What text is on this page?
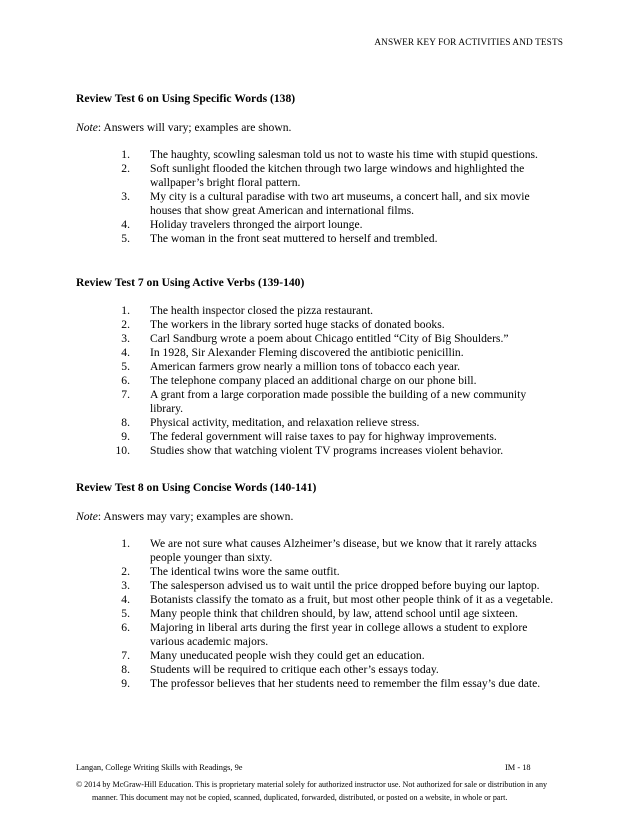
ANSWER KEY FOR ACTIVITIES AND TESTS
Review Test 6 on Using Specific Words (138)
Note: Answers will vary; examples are shown.
1. The haughty, scowling salesman told us not to waste his time with stupid questions.
2. Soft sunlight flooded the kitchen through two large windows and highlighted the wallpaper’s bright floral pattern.
3. My city is a cultural paradise with two art museums, a concert hall, and six movie houses that show great American and international films.
4. Holiday travelers thronged the airport lounge.
5. The woman in the front seat muttered to herself and trembled.
Review Test 7 on Using Active Verbs (139-140)
1. The health inspector closed the pizza restaurant.
2. The workers in the library sorted huge stacks of donated books.
3. Carl Sandburg wrote a poem about Chicago entitled “City of Big Shoulders.”
4. In 1928, Sir Alexander Fleming discovered the antibiotic penicillin.
5. American farmers grow nearly a million tons of tobacco each year.
6. The telephone company placed an additional charge on our phone bill.
7. A grant from a large corporation made possible the building of a new community library.
8. Physical activity, meditation, and relaxation relieve stress.
9. The federal government will raise taxes to pay for highway improvements.
10. Studies show that watching violent TV programs increases violent behavior.
Review Test 8 on Using Concise Words (140-141)
Note: Answers may vary; examples are shown.
1. We are not sure what causes Alzheimer’s disease, but we know that it rarely attacks people younger than sixty.
2. The identical twins wore the same outfit.
3. The salesperson advised us to wait until the price dropped before buying our laptop.
4. Botanists classify the tomato as a fruit, but most other people think of it as a vegetable.
5. Many people think that children should, by law, attend school until age sixteen.
6. Majoring in liberal arts during the first year in college allows a student to explore various academic majors.
7. Many uneducated people wish they could get an education.
8. Students will be required to critique each other’s essays today.
9. The professor believes that her students need to remember the film essay’s due date.
Langan, College Writing Skills with Readings, 9e	IM - 18
© 2014 by McGraw-Hill Education. This is proprietary material solely for authorized instructor use. Not authorized for sale or distribution in any
manner. This document may not be copied, scanned, duplicated, forwarded, distributed, or posted on a website, in whole or part.
